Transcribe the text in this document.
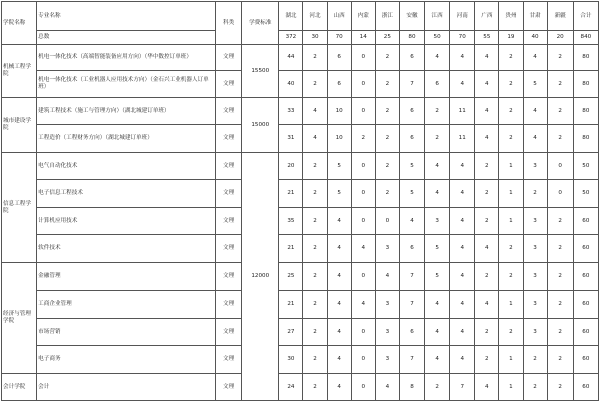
学院名称	专业名称	科类	学费标准	湖北	河北	山西	内蒙	浙江	安徽	江西	河南	广西	贵州	甘肃	新疆	合计
	总数			372	30	70	14	25	80	50	70	55	19	40	20	840
机械工程学院	机电一体化技术（高端智能装备应用方向）（华中数控订单班）	文理	15500	44	2	6	0	2	6	4	4	4	2	4	2	80
	机电一体化技术（工业机器人应用技术方向）（金石兴工业机器人订单班）	文理		40	2	6	0	2	7	6	4	4	2	5	2	80
城市建设学院	建筑工程技术（施工与管理方向）（湖北城建订单班）	文理	15000	33	4	10	0	2	6	2	11	4	2	4	2	80
	工程造价（工程财务方向）（湖北城建订单班）	文理		31	4	10	2	2	6	2	11	4	2	4	2	80
信息工程学院	电气自动化技术	文理	12000	20	2	5	0	2	5	4	4	2	1	3	0	50
	电子信息工程技术	文理		21	2	5	0	2	5	4	4	2	1	2	0	50
	计算机应用技术	文理		35	2	4	0	0	4	3	4	2	1	3	2	60
	软件技术	文理		21	2	4	4	3	6	5	4	4	2	3	2	60
经济与管理学院	金融管理	文理		25	2	4	0	4	7	5	4	2	2	3	2	60
	工商企业管理	文理		21	2	4	4	3	7	4	4	4	1	3	2	60
	市场营销	文理		27	2	4	0	3	6	4	4	2	2	3	2	60
	电子商务	文理		30	2	4	0	3	7	4	4	2	1	2	2	60
会计学院	会计	文理		24	2	4	0	4	8	2	7	4	1	2	2	60
